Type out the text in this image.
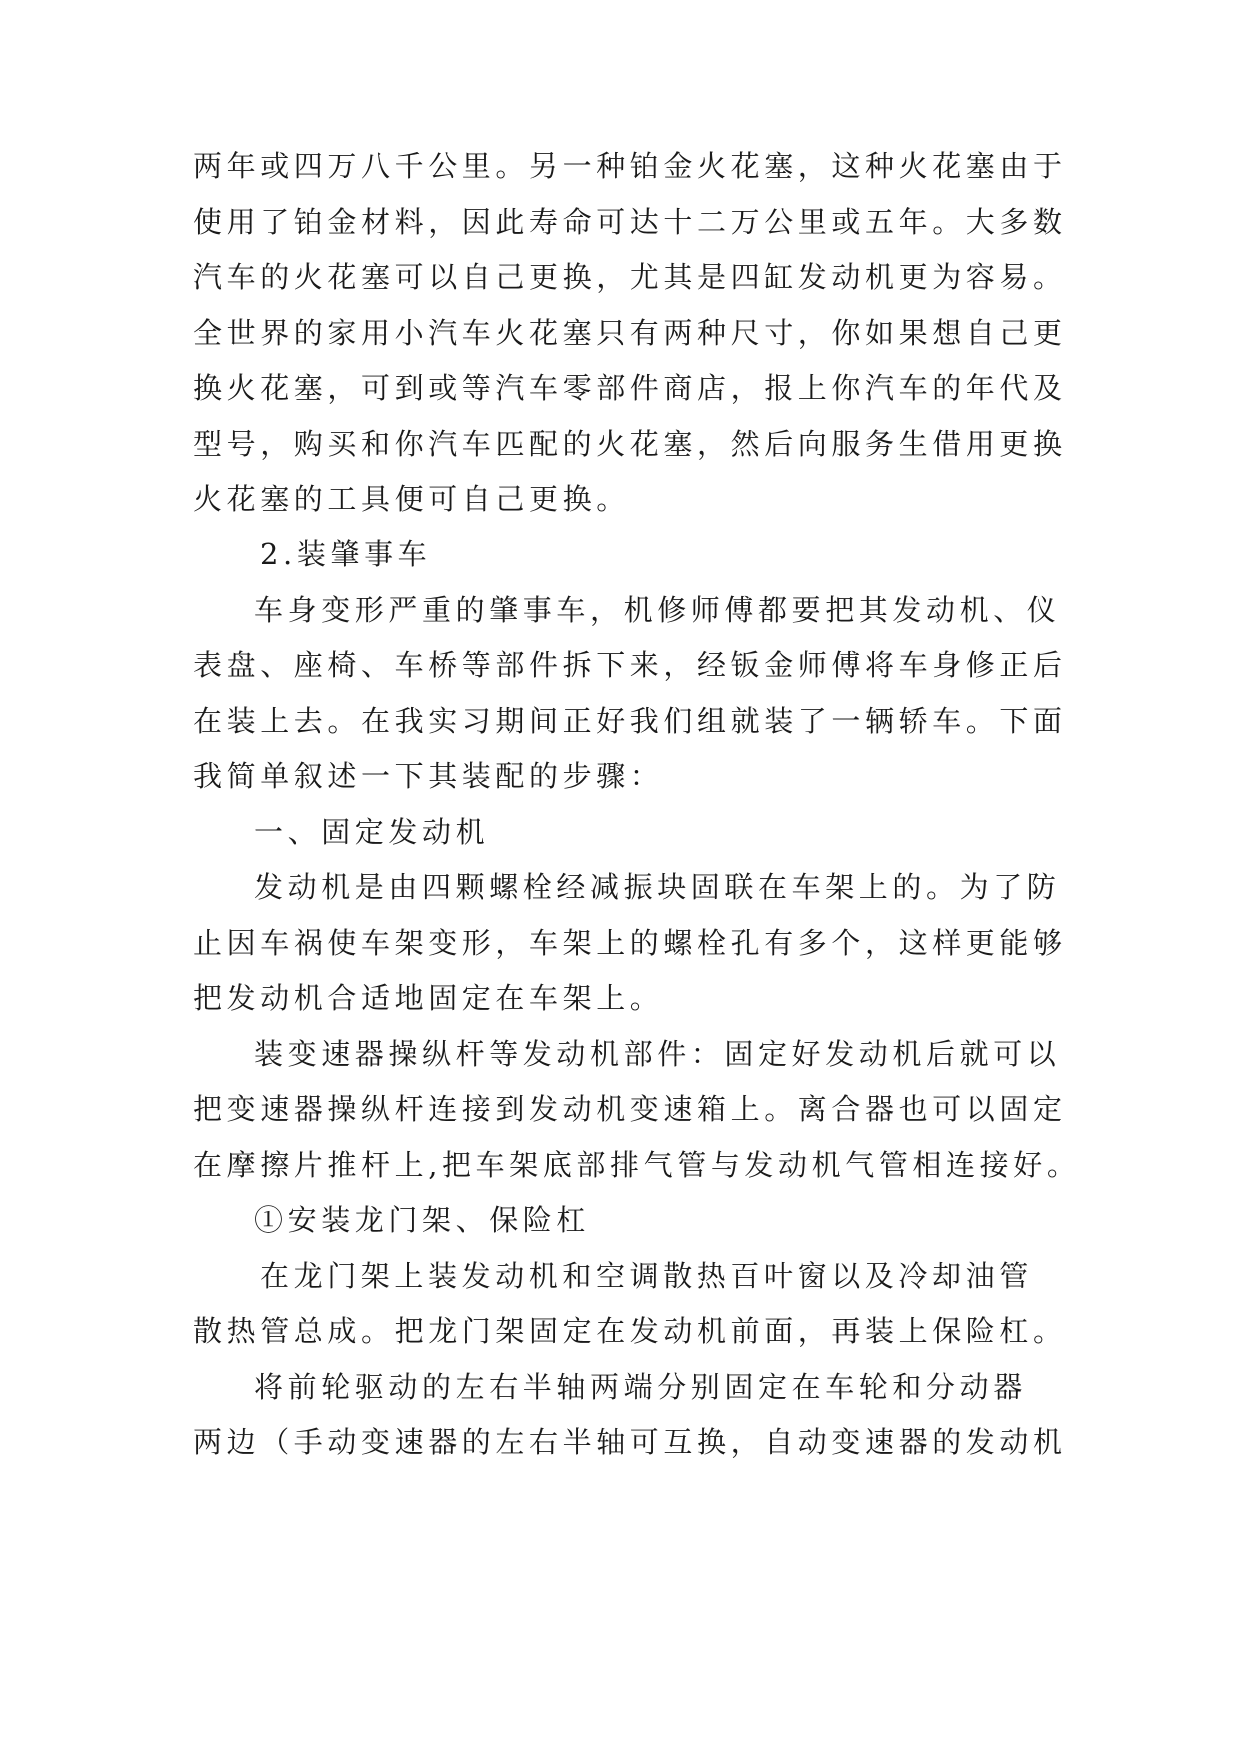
两年或四万八千公里。另一种铂金火花塞，这种火花塞由于
使用了铂金材料，因此寿命可达十二万公里或五年。大多数
汽车的火花塞可以自己更换，尤其是四缸发动机更为容易。
全世界的家用小汽车火花塞只有两种尺寸，你如果想自己更
换火花塞，可到或等汽车零部件商店，报上你汽车的年代及
型号，购买和你汽车匹配的火花塞，然后向服务生借用更换
火花塞的工具便可自己更换。
2.装肇事车
车身变形严重的肇事车，机修师傅都要把其发动机、仪
表盘、座椅、车桥等部件拆下来，经钣金师傅将车身修正后
在装上去。在我实习期间正好我们组就装了一辆轿车。下面
我简单叙述一下其装配的步骤：
一、固定发动机
发动机是由四颗螺栓经减振块固联在车架上的。为了防
止因车祸使车架变形，车架上的螺栓孔有多个，这样更能够
把发动机合适地固定在车架上。
装变速器操纵杆等发动机部件：固定好发动机后就可以
把变速器操纵杆连接到发动机变速箱上。离合器也可以固定
在摩擦片推杆上,把车架底部排气管与发动机气管相连接好。
①安装龙门架、保险杠
在龙门架上装发动机和空调散热百叶窗以及冷却油管
散热管总成。把龙门架固定在发动机前面，再装上保险杠。
将前轮驱动的左右半轴两端分别固定在车轮和分动器
两边（手动变速器的左右半轴可互换，自动变速器的发动机
